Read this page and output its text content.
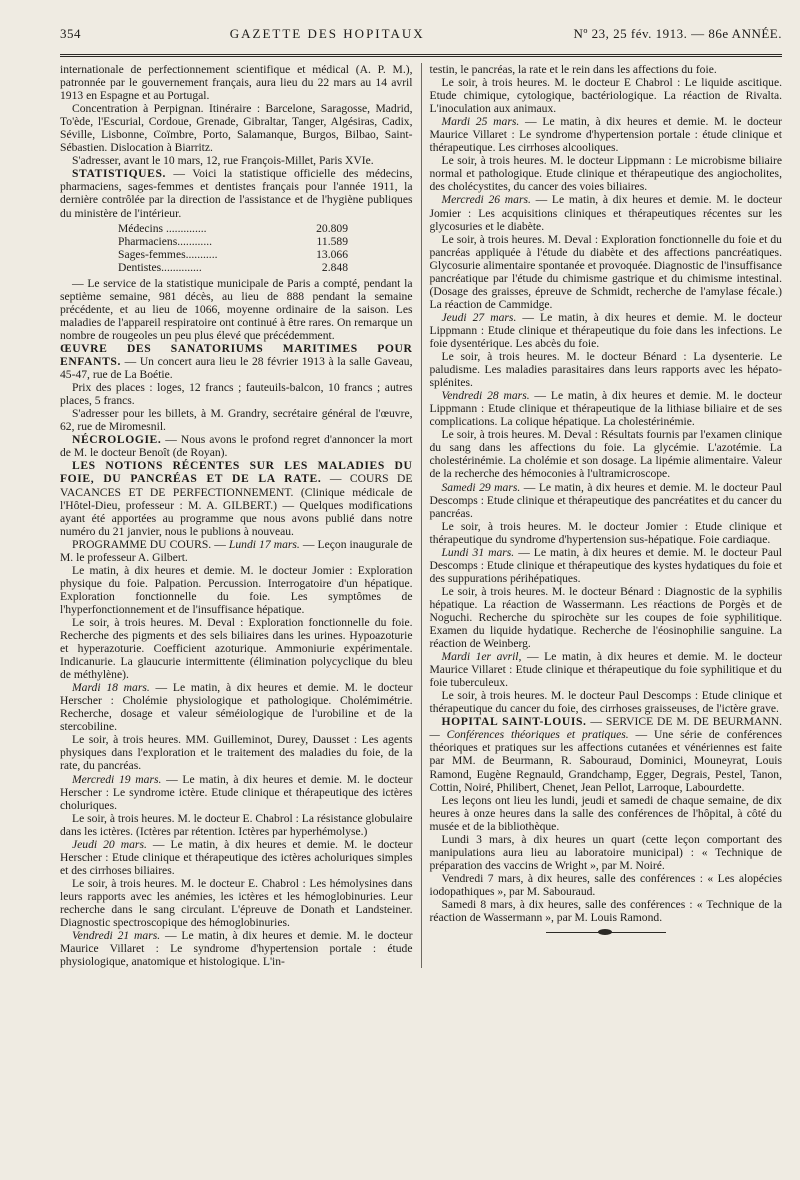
354	GAZETTE DES HOPITAUX	Nº 23, 25 fév. 1913. — 86e ANNÉE.

internationale de perfectionnement scientifique et médical (A. P. M.), patronnée par le gouvernement français, aura lieu du 22 mars au 14 avril 1913 en Espagne et au Portugal.

Concentration à Perpignan. Itinéraire : Barcelone, Saragosse, Madrid, To'ède, l'Escurial, Cordoue, Grenade, Gibraltar, Tanger, Algésiras, Cadix, Séville, Lisbonne, Coïmbre, Porto, Salamanque, Burgos, Bilbao, Saint-Sébastien. Dislocation à Biarritz.

S'adresser, avant le 10 mars, 12, rue François-Millet, Paris XVIe.

STATISTIQUES. — Voici la statistique officielle des médecins, pharmaciens, sages-femmes et dentistes français pour l'année 1911, la dernière contrôlée par la direction de l'assistance et de l'hygiène publiques du ministère de l'intérieur.

Médecins ..............	20.809
Pharmaciens............	11.589
Sages-femmes...........	13.066
Dentistes..............	2.848

— Le service de la statistique municipale de Paris a compté, pendant la septième semaine, 981 décès, au lieu de 888 pendant la semaine précédente, et au lieu de 1066, moyenne ordinaire de la saison. Les maladies de l'appareil respiratoire ont continué à être rares. On remarque un nombre de rougeoles un peu plus élevé que précédemment.

ŒUVRE DES SANATORIUMS MARITIMES POUR ENFANTS. — Un concert aura lieu le 28 février 1913 à la salle Gaveau, 45-47, rue de La Boétie.

Prix des places : loges, 12 francs ; fauteuils-balcon, 10 francs ; autres places, 5 francs.

S'adresser pour les billets, à M. Grandry, secrétaire général de l'œuvre, 62, rue de Miromesnil.

NÉCROLOGIE. — Nous avons le profond regret d'annoncer la mort de M. le docteur Benoît (de Royan).

LES NOTIONS RÉCENTES SUR LES MALADIES DU FOIE, DU PANCRÉAS ET DE LA RATE. — COURS DE VACANCES ET DE PERFECTIONNEMENT. (Clinique médicale de l'Hôtel-Dieu, professeur : M. A. GILBERT.) — Quelques modifications ayant été apportées au programme que nous avons publié dans notre numéro du 21 janvier, nous le publions à nouveau.

PROGRAMME DU COURS. — Lundi 17 mars. — Leçon inaugurale de M. le professeur A. Gilbert.

Le matin, à dix heures et demie. M. le docteur Jomier : Exploration physique du foie. Palpation. Percussion. Interrogatoire d'un hépatique. Exploration fonctionnelle du foie. Les symptômes de l'hyperfonctionnement et de l'insuffisance hépatique.

Le soir, à trois heures. M. Deval : Exploration fonctionnelle du foie. Recherche des pigments et des sels biliaires dans les urines. Hypoazoturie et hyperazoturie. Coefficient azoturique. Ammoniurie expérimentale. Indicanurie. La glaucurie intermittente (élimination polycyclique du bleu de méthylène).

Mardi 18 mars. — Le matin, à dix heures et demie. M. le docteur Herscher : Cholémie physiologique et pathologique. Cholémimétrie. Recherche, dosage et valeur séméiologique de l'urobiline et de la stercobiline.

Le soir, à trois heures. MM. Guilleminot, Durey, Dausset : Les agents physiques dans l'exploration et le traitement des maladies du foie, de la rate, du pancréas.

Mercredi 19 mars. — Le matin, à dix heures et demie. M. le docteur Herscher : Le syndrome ictère. Etude clinique et thérapeutique des ictères choluriques.

Le soir, à trois heures. M. le docteur E. Chabrol : La résistance globulaire dans les ictères. (Ictères par rétention. Ictères par hyperhémolyse.)

Jeudi 20 mars. — Le matin, à dix heures et demie. M. le docteur Herscher : Etude clinique et thérapeutique des ictères acholuriques simples et des cirrhoses biliaires.

Le soir, à trois heures. M. le docteur E. Chabrol : Les hémolysines dans leurs rapports avec les anémies, les ictères et les hémoglobinuries. Leur recherche dans le sang circulant. L'épreuve de Donath et Landsteiner. Diagnostic spectroscopique des hémoglobinuries.

Vendredi 21 mars. — Le matin, à dix heures et demie. M. le docteur Maurice Villaret : Le syndrome d'hypertension portale : étude physiologique, anatomique et histologique. L'in-

testin, le pancréas, la rate et le rein dans les affections du foie.

Le soir, à trois heures. M. le docteur E Chabrol : Le liquide ascitique. Etude chimique, cytologique, bactériologique. La réaction de Rivalta. L'inoculation aux animaux.

Mardi 25 mars. — Le matin, à dix heures et demie. M. le docteur Maurice Villaret : Le syndrome d'hypertension portale : étude clinique et thérapeutique. Les cirrhoses alcooliques.

Le soir, à trois heures. M. le docteur Lippmann : Le microbisme biliaire normal et pathologique. Etude clinique et thérapeutique des angiocholites, des cholécystites, du cancer des voies biliaires.

Mercredi 26 mars. — Le matin, à dix heures et demie. M. le docteur Jomier : Les acquisitions cliniques et thérapeutiques récentes sur les glycosuries et le diabète.

Le soir, à trois heures. M. Deval : Exploration fonctionnelle du foie et du pancréas appliquée à l'étude du diabète et des affections pancréatiques. Glycosurie alimentaire spontanée et provoquée. Diagnostic de l'insuffisance pancréatique par l'étude du chimisme gastrique et du chimisme intestinal. (Dosage des graisses, épreuve de Schmidt, recherche de l'amylase fécale.) La réaction de Cammidge.

Jeudi 27 mars. — Le matin, à dix heures et demie. M. le docteur Lippmann : Etude clinique et thérapeutique du foie dans les infections. Le foie dysentérique. Les abcès du foie.

Le soir, à trois heures. M. le docteur Bénard : La dysenterie. Le paludisme. Les maladies parasitaires dans leurs rapports avec les hépato-splénites.

Vendredi 28 mars. — Le matin, à dix heures et demie. M. le docteur Lippmann : Etude clinique et thérapeutique de la lithiase biliaire et de ses complications. La colique hépatique. La cholestérinémie.

Le soir, à trois heures. M. Deval : Résultats fournis par l'examen clinique du sang dans les affections du foie. La glycémie. L'azotémie. La cholestérinémie. La cholémie et son dosage. La lipémie alimentaire. Valeur de la recherche des hémoconies à l'ultramicroscope.

Samedi 29 mars. — Le matin, à dix heures et demie. M. le docteur Paul Descomps : Etude clinique et thérapeutique des pancréatites et du cancer du pancréas.

Le soir, à trois heures. M. le docteur Jomier : Etude clinique et thérapeutique du syndrome d'hypertension sus-hépatique. Foie cardiaque.

Lundi 31 mars. — Le matin, à dix heures et demie. M. le docteur Paul Descomps : Etude clinique et thérapeutique des kystes hydatiques du foie et des suppurations périhépatiques.

Le soir, à trois heures. M. le docteur Bénard : Diagnostic de la syphilis hépatique. La réaction de Wassermann. Les réactions de Porgès et de Noguchi. Recherche du spirochète sur les coupes de foie syphilitique. Examen du liquide hydatique. Recherche de l'éosinophilie sanguine. La réaction de Weinberg.

Mardi 1er avril, — Le matin, à dix heures et demie. M. le docteur Maurice Villaret : Etude clinique et thérapeutique du foie syphilitique et du foie tuberculeux.

Le soir, à trois heures. M. le docteur Paul Descomps : Etude clinique et thérapeutique du cancer du foie, des cirrhoses graisseuses, de l'ictère grave.

HOPITAL SAINT-LOUIS. — SERVICE DE M. DE BEURMANN. — Conférences théoriques et pratiques. — Une série de conférences théoriques et pratiques sur les affections cutanées et vénériennes est faite par MM. de Beurmann, R. Sabouraud, Dominici, Mouneyrat, Louis Ramond, Eugène Regnauld, Grandchamp, Egger, Degrais, Pestel, Tanon, Cottin, Noiré, Philibert, Chenet, Jean Pellot, Larroque, Labourdette.

Les leçons ont lieu les lundi, jeudi et samedi de chaque semaine, de dix heures à onze heures dans la salle des conférences de l'hôpital, à côté du musée et de la bibliothèque.

Lundi 3 mars, à dix heures un quart (cette leçon comportant des manipulations aura lieu au laboratoire municipal) : « Technique de préparation des vaccins de Wright », par M. Noiré.

Vendredi 7 mars, à dix heures, salle des conférences : « Les alopécies iodopathiques », par M. Sabouraud.

Samedi 8 mars, à dix heures, salle des conférences : « Technique de la réaction de Wassermann », par M. Louis Ramond.
